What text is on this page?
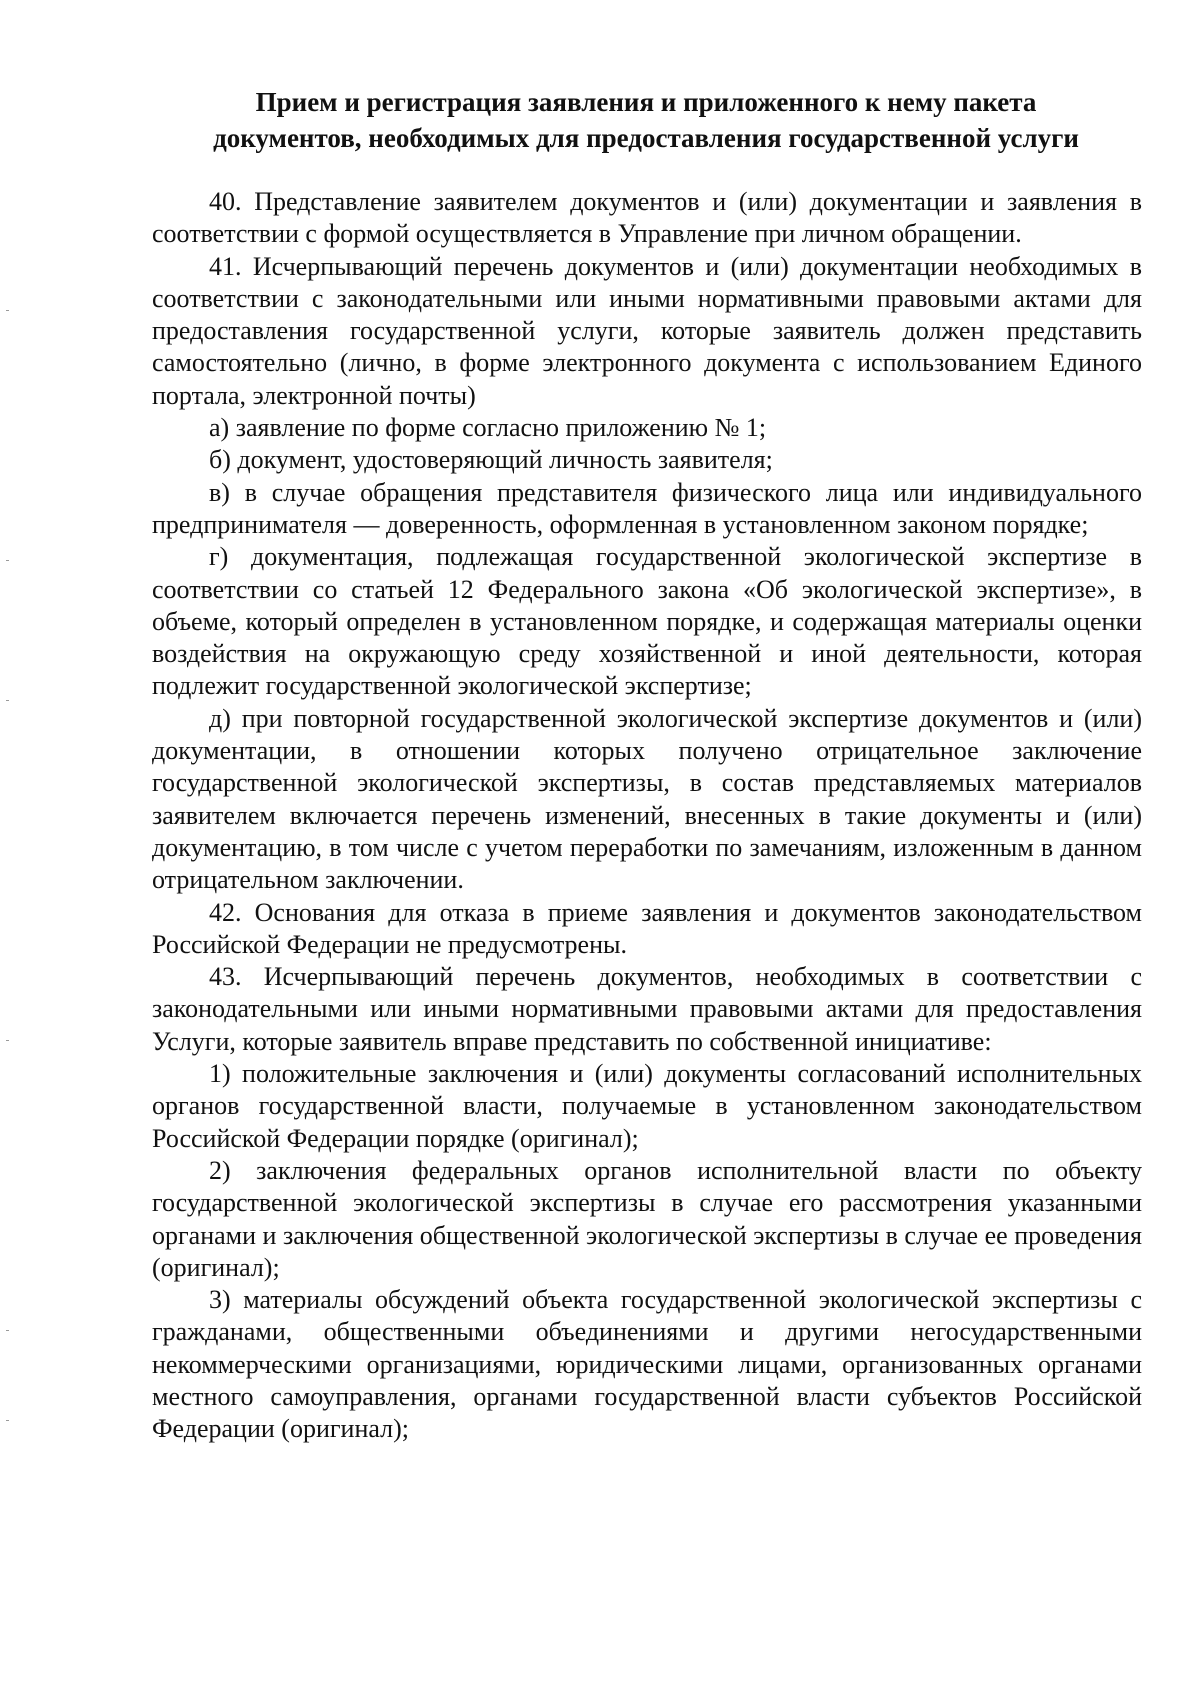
Прием и регистрация заявления и приложенного к нему пакета
документов, необходимых для предоставления государственной услуги

40. Представление заявителем документов и (или) документации и заявления в соответствии с формой осуществляется в Управление при личном обращении.

41. Исчерпывающий перечень документов и (или) документации необходимых в соответствии с законодательными или иными нормативными правовыми актами для предоставления государственной услуги, которые заявитель должен представить самостоятельно (лично, в форме электронного документа с использованием Единого портала, электронной почты)

а) заявление по форме согласно приложению № 1;

б) документ, удостоверяющий личность заявителя;

в) в случае обращения представителя физического лица или индивидуального предпринимателя — доверенность, оформленная в установленном законом порядке;

г) документация, подлежащая государственной экологической экспертизе в соответствии со статьей 12 Федерального закона «Об экологической экспертизе», в объеме, который определен в установленном порядке, и содержащая материалы оценки воздействия на окружающую среду хозяйственной и иной деятельности, которая подлежит государственной экологической экспертизе;

д) при повторной государственной экологической экспертизе документов и (или) документации, в отношении которых получено отрицательное заключение государственной экологической экспертизы, в состав представляемых материалов заявителем включается перечень изменений, внесенных в такие документы и (или) документацию, в том числе с учетом переработки по замечаниям, изложенным в данном отрицательном заключении.

42. Основания для отказа в приеме заявления и документов законодательством Российской Федерации не предусмотрены.

43. Исчерпывающий перечень документов, необходимых в соответствии с законодательными или иными нормативными правовыми актами для предоставления Услуги, которые заявитель вправе представить по собственной инициативе:

1) положительные заключения и (или) документы согласований исполнительных органов государственной власти, получаемые в установленном законодательством Российской Федерации порядке (оригинал);

2) заключения федеральных органов исполнительной власти по объекту государственной экологической экспертизы в случае его рассмотрения указанными органами и заключения общественной экологической экспертизы в случае ее проведения (оригинал);

3) материалы обсуждений объекта государственной экологической экспертизы с гражданами, общественными объединениями и другими негосударственными некоммерческими организациями, юридическими лицами, организованных органами местного самоуправления, органами государственной власти субъектов Российской Федерации (оригинал);
